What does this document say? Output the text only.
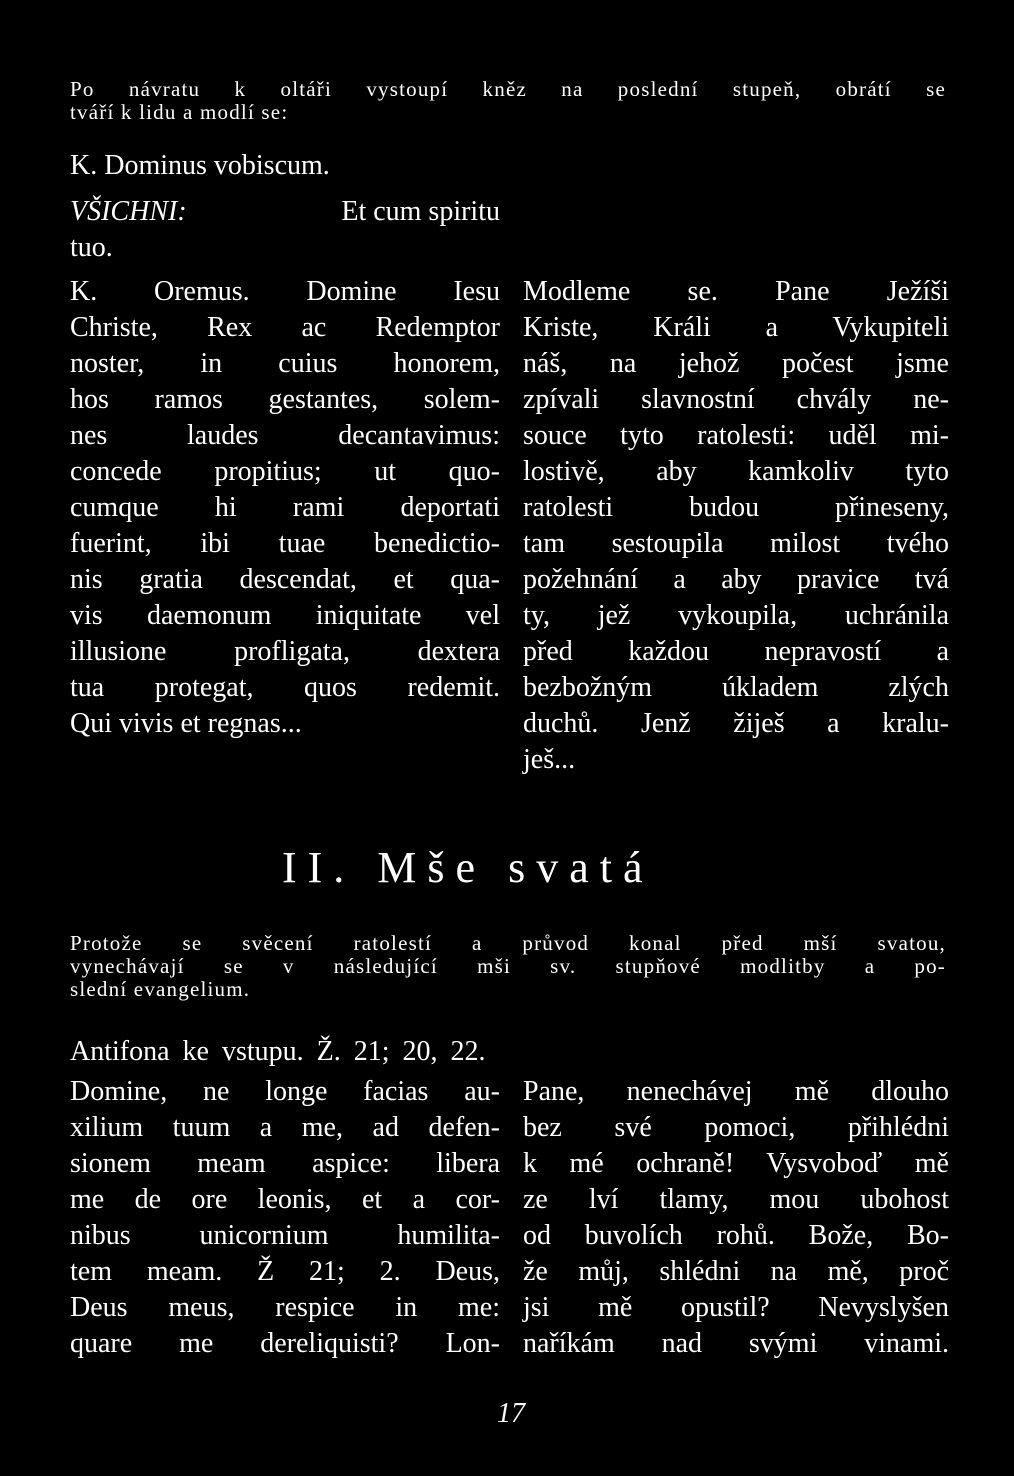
Po návratu k oltáři vystoupí kněz na poslední stupeň, obrátí se
tváří k lidu a modlí se:
K. Dominus vobiscum.
VŠICHNI:	Et cum spiritu
tuo.
K. Oremus. Domine Iesu
Christe, Rex ac Redemptor
noster, in cuius honorem,
hos ramos gestantes, solem-
nes laudes decantavimus:
concede propitius; ut quo-
cumque hi rami deportati
fuerint, ibi tuae benedictio-
nis gratia descendat, et qua-
vis daemonum iniquitate vel
illusione profligata, dextera
tua protegat, quos redemit.
Qui vivis et regnas...
Modleme se. Pane Ježíši
Kriste, Králi a Vykupiteli
náš, na jehož počest jsme
zpívali slavnostní chvály ne-
souce tyto ratolesti: uděl mi-
lostivě, aby kamkoliv tyto
ratolesti budou přineseny,
tam sestoupila milost tvého
požehnání a aby pravice tvá
ty, jež vykoupila, uchránila
před každou nepravostí a
bezbožným úkladem zlých
duchů. Jenž žiješ a kralu-
ješ...
II. Mše svatá
Protože se svěcení ratolestí a průvod konal před mší svatou,
vynechávají se v následující mši sv. stupňové modlitby a po-
slední evangelium.
Antifona ke vstupu. Ž. 21; 20, 22.
Domine, ne longe facias au-
xilium tuum a me, ad defen-
sionem meam aspice: libera
me de ore leonis, et a cor-
nibus unicornium humilita-
tem meam. Ž 21; 2. Deus,
Deus meus, respice in me:
quare me dereliquisti? Lon-
Pane, nenechávej mě dlouho
bez své pomoci, přihlédni
k mé ochraně! Vysvoboď mě
ze lví tlamy, mou ubohost
od buvolích rohů. Bože, Bo-
že můj, shlédni na mě, proč
jsi mě opustil? Nevyslyšen
naříkám nad svými vinami.
17
